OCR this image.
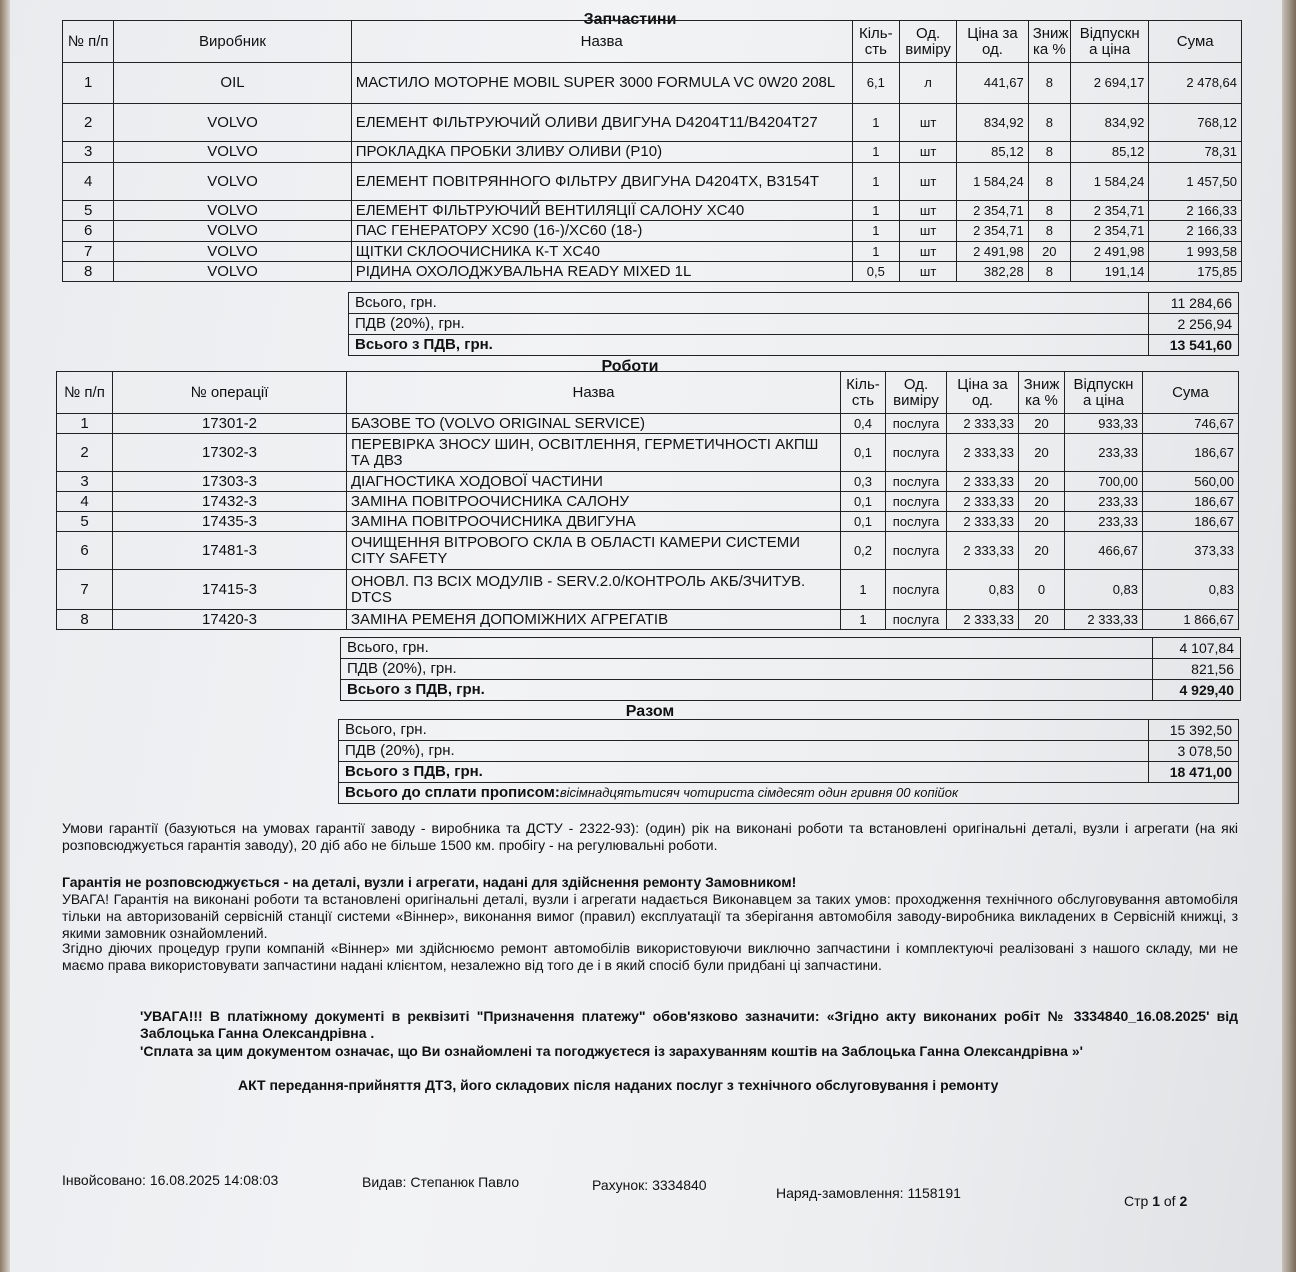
Запчастини
№ п/п	Виробник	Назва	Кіль-сть	Од. виміру	Ціна за од.	Зниж ка %	Відпускн а ціна	Сума
1	OIL	МАСТИЛО МОТОРНЕ MOBIL SUPER 3000 FORMULA VC 0W20 208L	6,1	л	441,67	8	2 694,17	2 478,64
2	VOLVO	ЕЛЕМЕНТ ФІЛЬТРУЮЧИЙ ОЛИВИ ДВИГУНА D4204T11/B4204T27	1	шт	834,92	8	834,92	768,12
3	VOLVO	ПРОКЛАДКА ПРОБКИ ЗЛИВУ ОЛИВИ (P10)	1	шт	85,12	8	85,12	78,31
4	VOLVO	ЕЛЕМЕНТ ПОВІТРЯННОГО ФІЛЬТРУ ДВИГУНА D4204TX, B3154T	1	шт	1 584,24	8	1 584,24	1 457,50
5	VOLVO	ЕЛЕМЕНТ ФІЛЬТРУЮЧИЙ ВЕНТИЛЯЦІЇ САЛОНУ XC40	1	шт	2 354,71	8	2 354,71	2 166,33
6	VOLVO	ПАС ГЕНЕРАТОРУ XC90 (16-)/XC60 (18-)	1	шт	2 354,71	8	2 354,71	2 166,33
7	VOLVO	ЩІТКИ СКЛООЧИСНИКА К-Т XC40	1	шт	2 491,98	20	2 491,98	1 993,58
8	VOLVO	РІДИНА ОХОЛОДЖУВАЛЬНА READY MIXED 1L	0,5	шт	382,28	8	191,14	175,85
Всього, грн.	11 284,66
ПДВ (20%), грн.	2 256,94
Всього з ПДВ, грн.	13 541,60
Роботи
№ п/п	№ операції	Назва	Кіль-сть	Од. виміру	Ціна за од.	Зниж ка %	Відпускн а ціна	Сума
1	17301-2	БАЗОВЕ ТО (VOLVO ORIGINAL SERVICE)	0,4	послуга	2 333,33	20	933,33	746,67
2	17302-3	ПЕРЕВІРКА ЗНОСУ ШИН, ОСВІТЛЕННЯ, ГЕРМЕТИЧНОСТІ АКПШ ТА ДВЗ	0,1	послуга	2 333,33	20	233,33	186,67
3	17303-3	ДІАГНОСТИКА ХОДОВОЇ ЧАСТИНИ	0,3	послуга	2 333,33	20	700,00	560,00
4	17432-3	ЗАМІНА ПОВІТРООЧИСНИКА САЛОНУ	0,1	послуга	2 333,33	20	233,33	186,67
5	17435-3	ЗАМІНА ПОВІТРООЧИСНИКА ДВИГУНА	0,1	послуга	2 333,33	20	233,33	186,67
6	17481-3	ОЧИЩЕННЯ ВІТРОВОГО СКЛА В ОБЛАСТІ КАМЕРИ СИСТЕМИ CITY SAFETY	0,2	послуга	2 333,33	20	466,67	373,33
7	17415-3	ОНОВЛ. ПЗ ВСІХ МОДУЛІВ - SERV.2.0/КОНТРОЛЬ АКБ/ЗЧИТУВ. DTCS	1	послуга	0,83	0	0,83	0,83
8	17420-3	ЗАМІНА РЕМЕНЯ ДОПОМІЖНИХ АГРЕГАТІВ	1	послуга	2 333,33	20	2 333,33	1 866,67
Всього, грн.	4 107,84
ПДВ (20%), грн.	821,56
Всього з ПДВ, грн.	4 929,40
Разом
Всього, грн.	15 392,50
ПДВ (20%), грн.	3 078,50
Всього з ПДВ, грн.	18 471,00
Всього до сплати прописом:вісімнадцятьтисяч чотириста сімдесят один гривня 00 копійок	
Умови гарантії (базуються на умовах гарантії заводу - виробника та ДСТУ - 2322-93): (один) рік на виконані роботи та встановлені оригінальні деталі, вузли і агрегати (на які розповсюджується гарантія заводу), 20 діб або не більше 1500 км. пробігу - на регулювальні роботи.
Гарантія не розповсюджується - на деталі, вузли і агрегати, надані для здійснення ремонту Замовником!
УВАГА! Гарантія на виконані роботи та встановлені оригінальні деталі, вузли і агрегати надається Виконавцем за таких умов: проходження технічного обслуговування автомобіля тільки на авторизованій сервісній станції системи «Віннер», виконання вимог (правил) експлуатації та зберігання автомобіля заводу-виробника викладених в Сервісній книжці, з якими замовник ознайомлений.
Згідно діючих процедур групи компаній «Віннер» ми здійснюємо ремонт автомобілів використовуючи виключно запчастини і комплектуючі реалізовані з нашого складу, ми не маємо права використовувати запчастини надані клієнтом, незалежно від того де і в який спосіб були придбані ці запчастини.
'УВАГА!!! В платіжному документі в реквізиті "Призначення платежу" обов'язково зазначити: «Згідно акту виконаних робіт № 3334840_16.08.2025' від Заблоцька Ганна Олександрівна .
'Сплата за цим документом означає, що Ви ознайомлені та погоджуєтеся із зарахуванням коштів на Заблоцька Ганна Олександрівна »'
АКТ передання-прийняття ДТЗ, його складових після наданих послуг з технічного обслуговування і ремонту
Інвойсовано: 16.08.2025 14:08:03	Видав: Степанюк Павло	Рахунок: 3334840	Наряд-замовлення: 1158191	Стр 1 of 2
